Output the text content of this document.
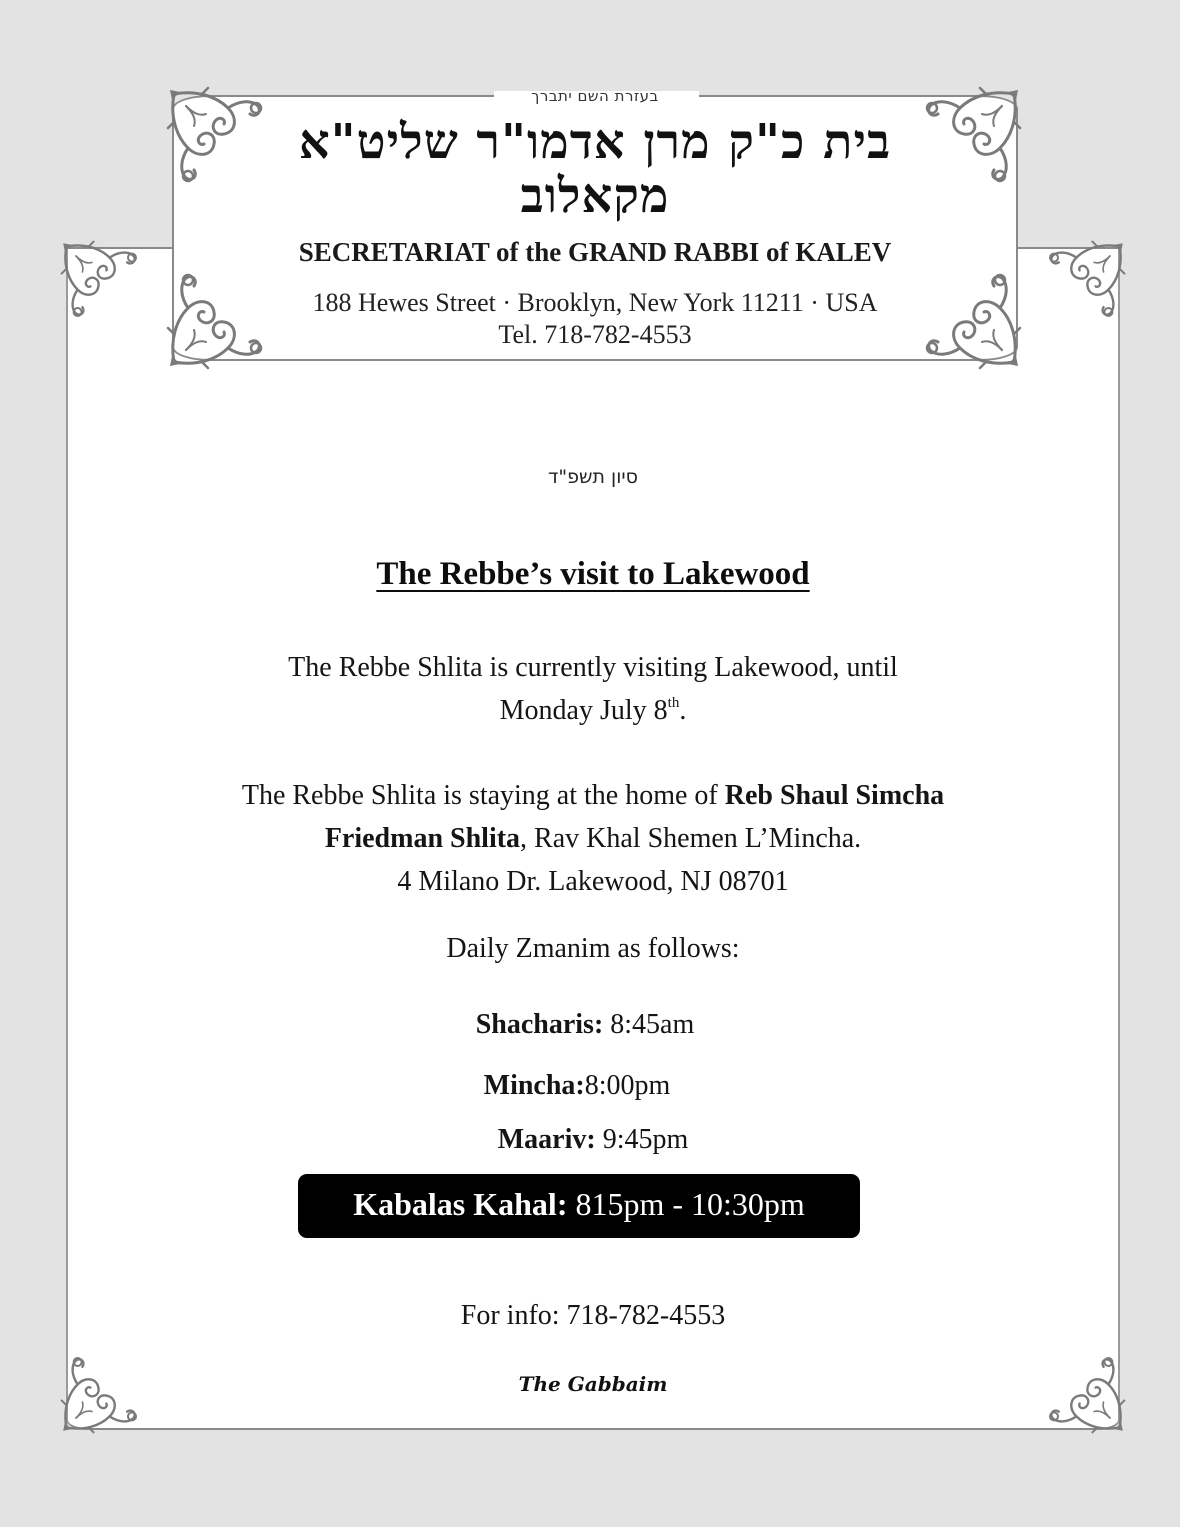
בעזרת השם יתברך
בית כ"ק מרן אדמו"ר שליט"א
מקאלוב
SECRETARIAT of the GRAND RABBI of KALEV
188 Hewes Street · Brooklyn, New York 11211 · USA
Tel. 718-782-4553
סיון תשפ"ד
The Rebbe’s visit to Lakewood
The Rebbe Shlita is currently visiting Lakewood, until
Monday July 8th.
The Rebbe Shlita is staying at the home of Reb Shaul Simcha
Friedman Shlita, Rav Khal Shemen L’Mincha.
4 Milano Dr. Lakewood, NJ 08701
Daily Zmanim as follows:
Shacharis: 8:45am
Mincha:8:00pm
Maariv: 9:45pm
Kabalas Kahal: 815pm - 10:30pm
For info: 718-782-4553
The Gabbaim
